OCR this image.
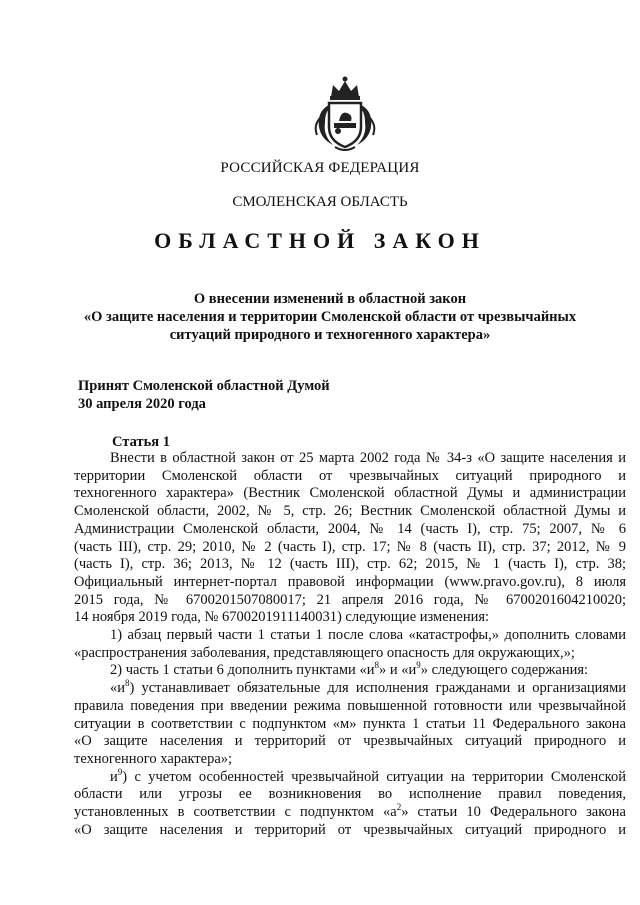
РОССИЙСКАЯ ФЕДЕРАЦИЯ
СМОЛЕНСКАЯ ОБЛАСТЬ
ОБЛАСТНОЙ ЗАКОН
О внесении изменений в областной закон
«О защите населения и территории Смоленской области от чрезвычайных
ситуаций природного и техногенного характера»
Принят Смоленской областной Думой
30 апреля 2020 года
Статья 1

Внести в областной закон от 25 марта 2002 года № 34-з «О защите населения и

территории Смоленской области от чрезвычайных ситуаций природного и

техногенного характера» (Вестник Смоленской областной Думы и администрации

Смоленской области, 2002, № 5, стр. 26; Вестник Смоленской областной Думы и

Администрации Смоленской области, 2004, № 14 (часть I), стр. 75; 2007, № 6

(часть III), стр. 29; 2010, № 2 (часть I), стр. 17; № 8 (часть II), стр. 37; 2012, № 9

(часть I), стр. 36; 2013, № 12 (часть III), стр. 62; 2015, № 1 (часть I), стр. 38;

Официальный интернет-портал правовой информации (www.pravo.gov.ru), 8 июля

2015 года, № 6700201507080017; 21 апреля 2016 года, № 6700201604210020;

14 ноября 2019 года, № 6700201911140031) следующие изменения:

1) абзац первый части 1 статьи 1 после слова «катастрофы,» дополнить словами

«распространения заболевания, представляющего опасность для окружающих,»;

2) часть 1 статьи 6 дополнить пунктами «$и^8$» и «$и^9$» следующего содержания:

«$и^8$) устанавливает обязательные для исполнения гражданами и организациями

правила поведения при введении режима повышенной готовности или чрезвычайной

ситуации в соответствии с подпунктом «м» пункта 1 статьи 11 Федерального закона

«О защите населения и территорий от чрезвычайных ситуаций природного и

техногенного характера»;

$и^9$) с учетом особенностей чрезвычайной ситуации на территории Смоленской

области или угрозы ее возникновения во исполнение правил поведения,

установленных в соответствии с подпунктом «$а^2$» статьи 10 Федерального закона

«О защите населения и территорий от чрезвычайных ситуаций природного и
